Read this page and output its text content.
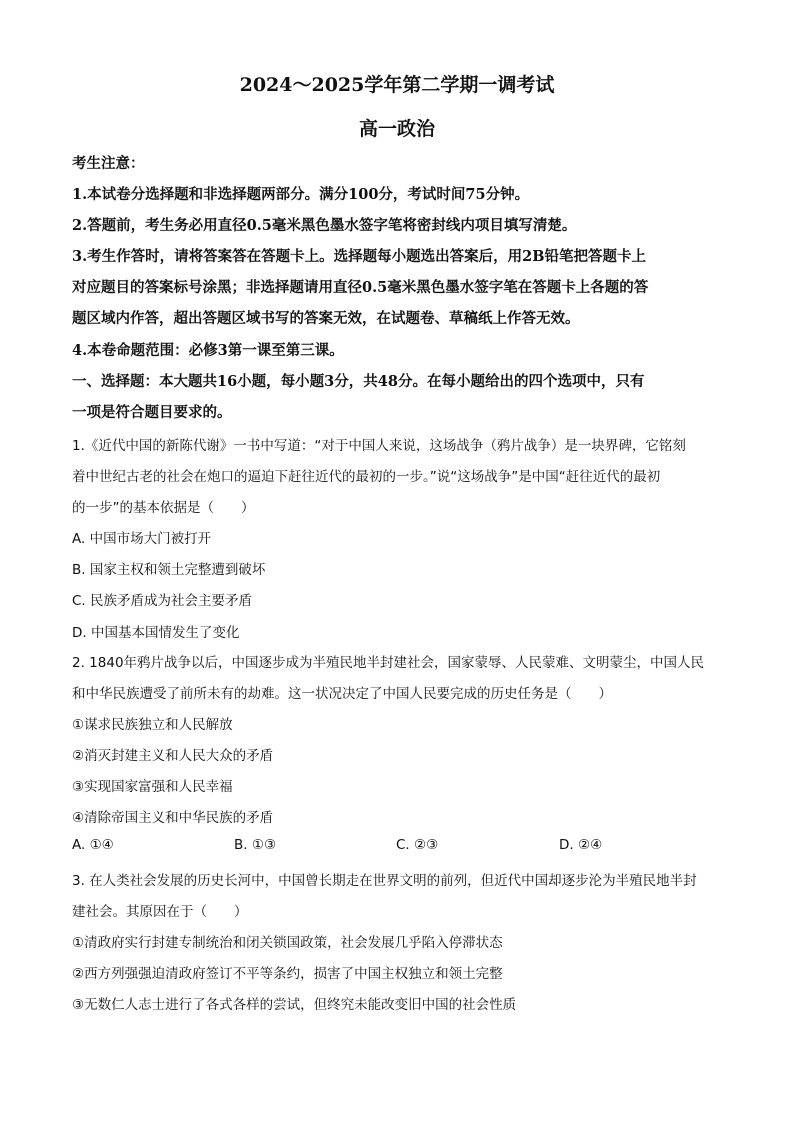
2024～2025学年第二学期一调考试
高一政治
考生注意：
1.本试卷分选择题和非选择题两部分。满分100分，考试时间75分钟。
2.答题前，考生务必用直径0.5毫米黑色墨水签字笔将密封线内项目填写清楚。
3.考生作答时，请将答案答在答题卡上。选择题每小题选出答案后，用2B铅笔把答题卡上
对应题目的答案标号涂黑；非选择题请用直径0.5毫米黑色墨水签字笔在答题卡上各题的答
题区域内作答，超出答题区域书写的答案无效，在试题卷、草稿纸上作答无效。
4.本卷命题范围：必修3第一课至第三课。
一、选择题：本大题共16小题，每小题3分，共48分。在每小题给出的四个选项中，只有
一项是符合题目要求的。
1.《近代中国的新陈代谢》一书中写道：“对于中国人来说，这场战争（鸦片战争）是一块界碑，它铭刻
着中世纪古老的社会在炮口的逼迫下赶往近代的最初的一步。”说“这场战争”是中国“赶往近代的最初
的一步”的基本依据是（　　）
A. 中国市场大门被打开
B. 国家主权和领土完整遭到破坏
C. 民族矛盾成为社会主要矛盾
D. 中国基本国情发生了变化
2. 1840年鸦片战争以后，中国逐步成为半殖民地半封建社会，国家蒙辱、人民蒙难、文明蒙尘，中国人民
和中华民族遭受了前所未有的劫难。这一状况决定了中国人民要完成的历史任务是（　　）
①谋求民族独立和人民解放
②消灭封建主义和人民大众的矛盾
③实现国家富强和人民幸福
④清除帝国主义和中华民族的矛盾
A. ①④	B. ①③	C. ②③	D. ②④
3. 在人类社会发展的历史长河中，中国曾长期走在世界文明的前列，但近代中国却逐步沦为半殖民地半封
建社会。其原因在于（　　）
①清政府实行封建专制统治和闭关锁国政策，社会发展几乎陷入停滞状态
②西方列强强迫清政府签订不平等条约，损害了中国主权独立和领土完整
③无数仁人志士进行了各式各样的尝试，但终究未能改变旧中国的社会性质
